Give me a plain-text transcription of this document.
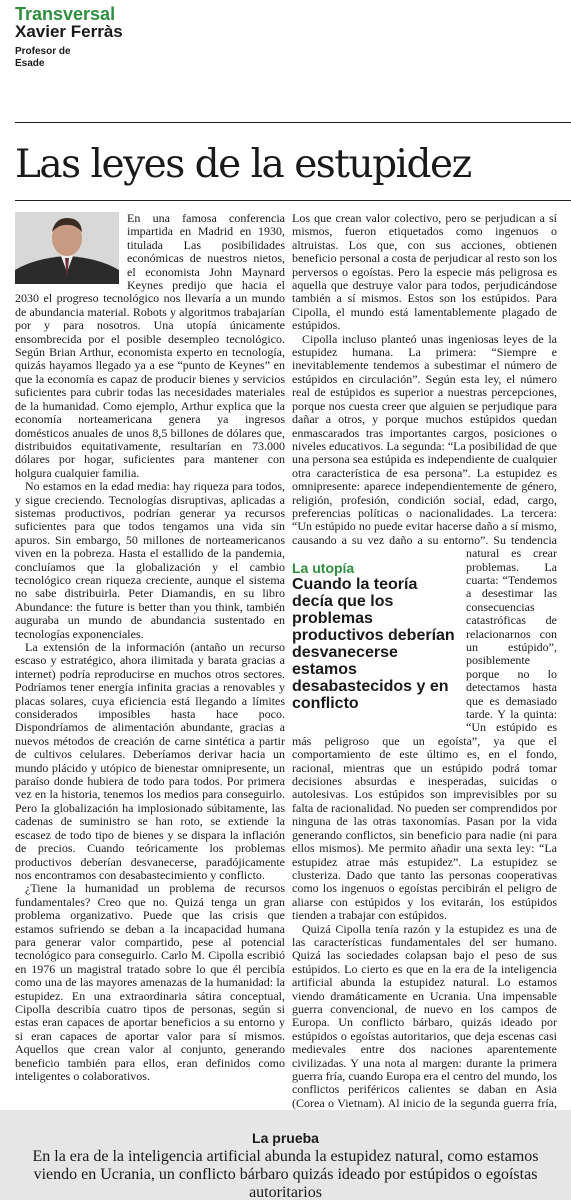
Transversal
Xavier Ferràs
Profesor de Esade
Las leyes de la estupidez

En una famosa conferencia impartida en Madrid en 1930, titulada Las posibilidades económicas de nuestros nietos, el economista John Maynard Keynes predijo que hacia el 2030 el progreso tecnológico nos llevaría a un mundo de abundancia material. Robots y algoritmos trabajarían por y para nosotros. Una utopía únicamente ensombrecida por el posible desempleo tecnológico. Según Brian Arthur, economista experto en tecnología, quizás hayamos llegado ya a ese “punto de Keynes” en que la economía es capaz de producir bienes y servicios suficientes para cubrir todas las necesidades materiales de la humanidad. Como ejemplo, Arthur explica que la economía norteamericana genera ya ingresos domésticos anuales de unos 8,5 billones de dólares que, distribuidos equitativamente, resultarían en 73.000 dólares por hogar, suficientes para mantener con holgura cualquier familia.

No estamos en la edad media: hay riqueza para todos, y sigue creciendo. Tecnologías disruptivas, aplicadas a sistemas productivos, podrían generar ya recursos suficientes para que todos tengamos una vida sin apuros. Sin embargo, 50 millones de norteamericanos viven en la pobreza. Hasta el estallido de la pandemia, concluíamos que la globalización y el cambio tecnológico crean riqueza creciente, aunque el sistema no sabe distribuirla. Peter Diamandis, en su libro Abundance: the future is better than you think, también auguraba un mundo de abundancia sustentado en tecnologías exponenciales.

La extensión de la información (antaño un recurso escaso y estratégico, ahora ilimitada y barata gracias a internet) podría reproducirse en muchos otros sectores. Podríamos tener energía infinita gracias a renovables y placas solares, cuya eficiencia está llegando a límites considerados imposibles hasta hace poco. Dispondríamos de alimentación abundante, gracias a nuevos métodos de creación de carne sintética a partir de cultivos celulares. Deberíamos derivar hacia un mundo plácido y utópico de bienestar omnipresente, un paraíso donde hubiera de todo para todos. Por primera vez en la historia, tenemos los medios para conseguirlo. Pero la globalización ha implosionado súbitamente, las cadenas de suministro se han roto, se extiende la escasez de todo tipo de bienes y se dispara la inflación de precios. Cuando teóricamente los problemas productivos deberían desvanecerse, paradójicamente nos encontramos con desabastecimiento y conflicto.

¿Tiene la humanidad un problema de recursos fundamentales? Creo que no. Quizá tenga un gran problema organizativo. Puede que las crisis que estamos sufriendo se deban a la incapacidad humana para generar valor compartido, pese al potencial tecnológico para conseguirlo. Carlo M. Cipolla escribió en 1976 un magistral tratado sobre lo que él percibía como una de las mayores amenazas de la humanidad: la estupidez. En una extraordinaria sátira conceptual, Cipolla describía cuatro tipos de personas, según si estas eran capaces de aportar beneficios a su entorno y si eran capaces de aportar valor para sí mismos. Aquellos que crean valor al conjunto, generando beneficio también para ellos, eran definidos como inteligentes o colaborativos.

Los que crean valor colectivo, pero se perjudican a sí mismos, fueron etiquetados como ingenuos o altruistas. Los que, con sus acciones, obtienen beneficio personal a costa de perjudicar al resto son los perversos o egoístas. Pero la especie más peligrosa es aquella que destruye valor para todos, perjudicándose también a sí mismos. Estos son los estúpidos. Para Cipolla, el mundo está lamentablemente plagado de estúpidos.

Cipolla incluso planteó unas ingeniosas leyes de la estupidez humana. La primera: “Siempre e inevitablemente tendemos a subestimar el número de estúpidos en circulación”. Según esta ley, el número real de estúpidos es superior a nuestras percepciones, porque nos cuesta creer que alguien se perjudique para dañar a otros, y porque muchos estúpidos quedan enmascarados tras importantes cargos, posiciones o niveles educativos. La segunda: “La posibilidad de que una persona sea estúpida es independiente de cualquier otra característica de esa persona”. La estupidez es omnipresente: aparece independientemente de género, religión, profesión, condición social, edad, cargo, preferencias políticas o nacionalidades. La tercera: “Un estúpido no puede evitar hacerse daño a sí mismo, causando a su vez daño a su entorno”. Su tendencia natural es crear problemas. La cuarta: “Tendemos a desestimar las consecuencias catastróficas de relacionarnos con un estúpido”, posiblemente porque no lo detectamos hasta que es demasiado tarde. Y la quinta: “Un estúpido es más peligroso que un egoísta”, ya que el comportamiento de este último es, en el fondo, racional, mientras que un estúpido podrá tomar decisiones absurdas e inesperadas, suicidas o autolesivas. Los estúpidos son imprevisibles por su falta de racionalidad. No pueden ser comprendidos por ninguna de las otras taxonomías. Pasan por la vida generando conflictos, sin beneficio para nadie (ni para ellos mismos). Me permito añadir una sexta ley: “La estupidez atrae más estupidez”. La estupidez se clusteriza. Dado que tanto las personas cooperativas como los ingenuos o egoístas percibirán el peligro de aliarse con estúpidos y los evitarán, los estúpidos tienden a trabajar con estúpidos.

Quizá Cipolla tenía razón y la estupidez es una de las características fundamentales del ser humano. Quizá las sociedades colapsan bajo el peso de sus estúpidos. Lo cierto es que en la era de la inteligencia artificial abunda la estupidez natural. Lo estamos viendo dramáticamente en Ucrania. Una impensable guerra convencional, de nuevo en los campos de Europa. Un conflicto bárbaro, quizás ideado por estúpidos o egoístas autoritarios, que deja escenas casi medievales entre dos naciones aparentemente civilizadas. Y una nota al margen: durante la primera guerra fría, cuando Europa era el centro del mundo, los conflictos periféricos calientes se daban en Asia (Corea o Vietnam). Al inicio de la segunda guerra fría,

La utopía
Cuando la teoría decía que los problemas productivos deberían desvanecerse estamos desabastecidos y en conflicto
La prueba
En la era de la inteligencia artificial abunda la estupidez natural, como estamos viendo en Ucrania, un conflicto bárbaro quizás ideado por estúpidos o egoístas autoritarios
